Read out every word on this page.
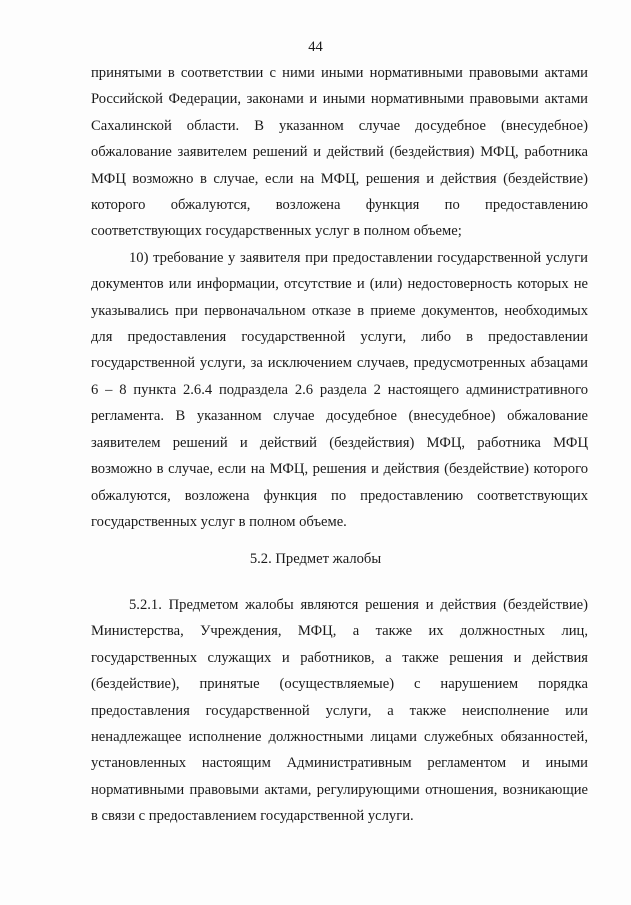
44

принятыми в соответствии с ними иными нормативными правовыми актами Российской Федерации, законами и иными нормативными правовыми актами Сахалинской области. В указанном случае досудебное (внесудебное) обжалование заявителем решений и действий (бездействия) МФЦ, работника МФЦ возможно в случае, если на МФЦ, решения и действия (бездействие) которого обжалуются, возложена функция по предоставлению соответствующих государственных услуг в полном объеме;

10) требование у заявителя при предоставлении государственной услуги документов или информации, отсутствие и (или) недостоверность которых не указывались при первоначальном отказе в приеме документов, необходимых для предоставления государственной услуги, либо в предоставлении государственной услуги, за исключением случаев, предусмотренных абзацами 6 – 8 пункта 2.6.4 подраздела 2.6 раздела 2 настоящего административного регламента. В указанном случае досудебное (внесудебное) обжалование заявителем решений и действий (бездействия) МФЦ, работника МФЦ возможно в случае, если на МФЦ, решения и действия (бездействие) которого обжалуются, возложена функция по предоставлению соответствующих государственных услуг в полном объеме.

5.2. Предмет жалобы

5.2.1. Предметом жалобы являются решения и действия (бездействие) Министерства, Учреждения, МФЦ, а также их должностных лиц, государственных служащих и работников, а также решения и действия (бездействие), принятые (осуществляемые) с нарушением порядка предоставления государственной услуги, а также неисполнение или ненадлежащее исполнение должностными лицами служебных обязанностей, установленных настоящим Административным регламентом и иными нормативными правовыми актами, регулирующими отношения, возникающие в связи с предоставлением государственной услуги.
